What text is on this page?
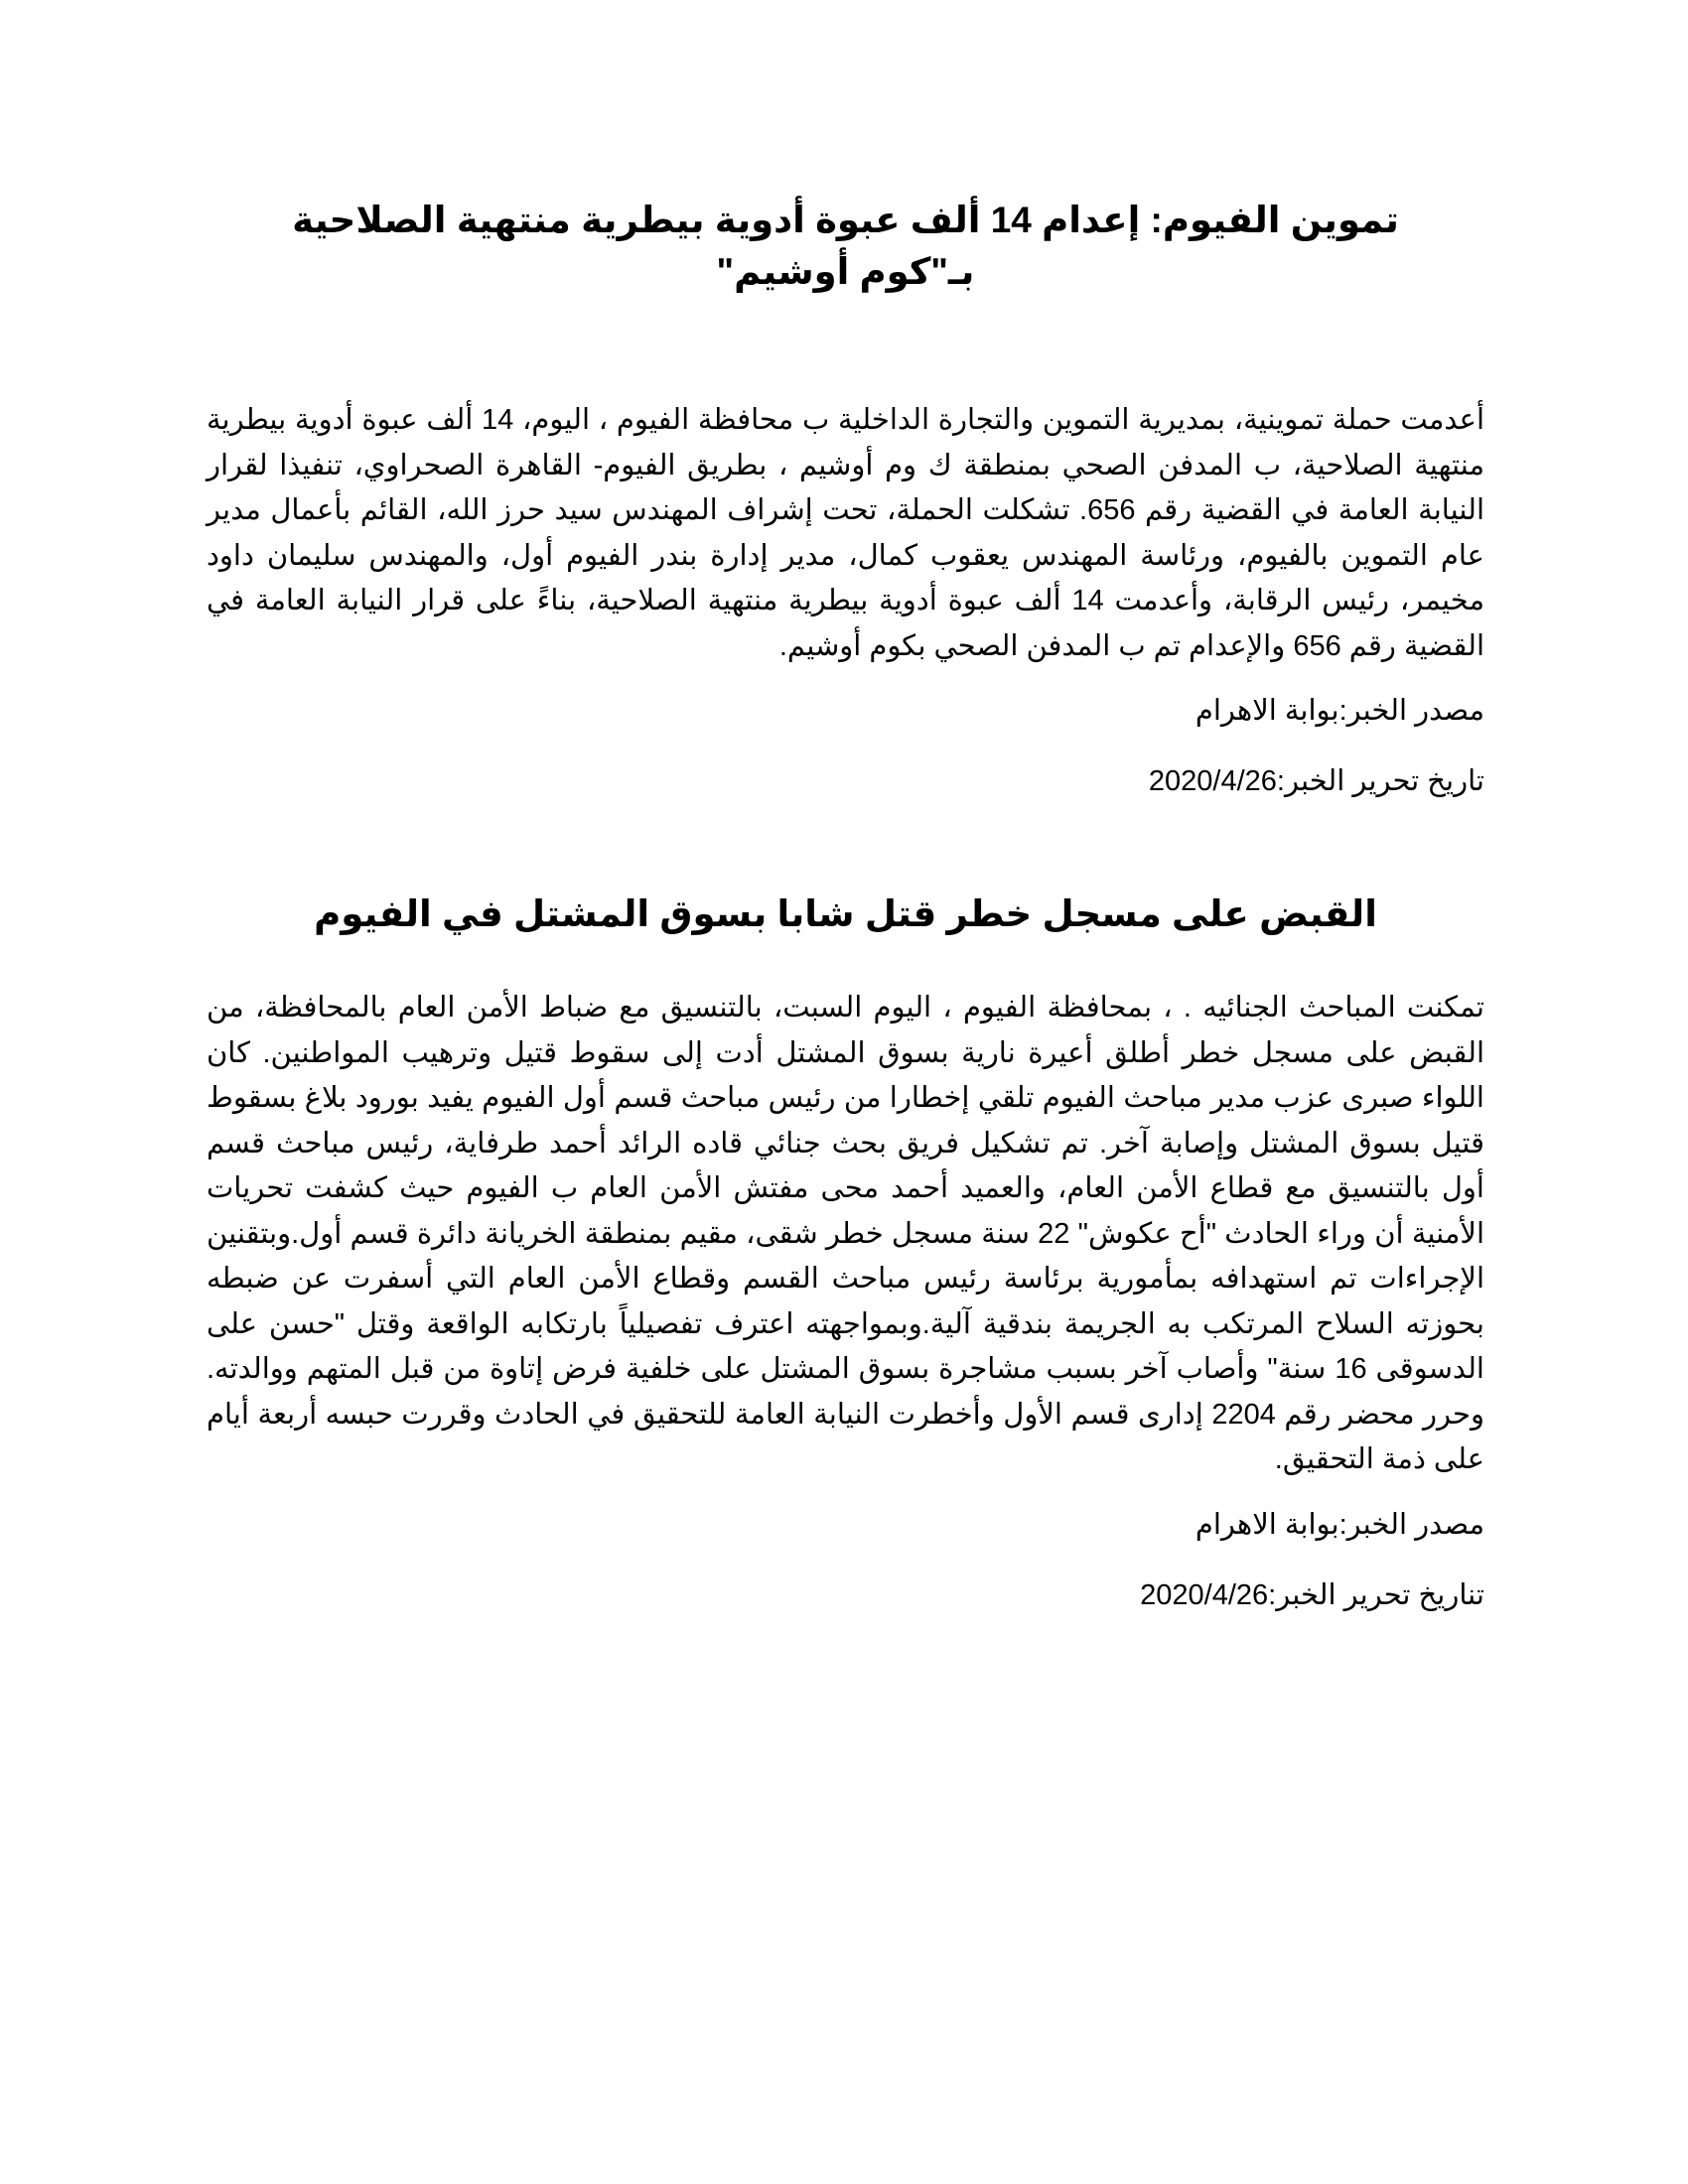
تموين الفيوم: إعدام 14 ألف عبوة أدوية بيطرية منتهية الصلاحية بـ"كوم أوشيم"

أعدمت حملة تموينية، بمديرية التموين والتجارة الداخلية ب محافظة الفيوم ، اليوم، 14 ألف عبوة أدوية بيطرية منتهية الصلاحية، ب المدفن الصحي بمنطقة ك وم أوشيم ، بطريق الفيوم- القاهرة الصحراوي، تنفيذا لقرار النيابة العامة في القضية رقم 656. تشكلت الحملة، تحت إشراف المهندس سيد حرز الله، القائم بأعمال مدير عام التموين بالفيوم، ورئاسة المهندس يعقوب كمال، مدير إدارة بندر الفيوم أول، والمهندس سليمان داود مخيمر، رئيس الرقابة، وأعدمت 14 ألف عبوة أدوية بيطرية منتهية الصلاحية، بناءً على قرار النيابة العامة في القضية رقم 656 والإعدام تم ب المدفن الصحي بكوم أوشيم.

مصدر الخبر:بوابة الاهرام

تاريخ تحرير الخبر:2020/4/26

القبض على مسجل خطر قتل شابا بسوق المشتل في الفيوم

تمكنت المباحث الجنائيه . ، بمحافظة الفيوم ، اليوم السبت، بالتنسيق مع ضباط الأمن العام بالمحافظة، من القبض على مسجل خطر أطلق أعيرة نارية بسوق المشتل أدت إلى سقوط قتيل وترهيب المواطنين. كان اللواء صبرى عزب مدير مباحث الفيوم تلقي إخطارا من رئيس مباحث قسم أول الفيوم يفيد بورود بلاغ بسقوط قتيل بسوق المشتل وإصابة آخر. تم تشكيل فريق بحث جنائي قاده الرائد أحمد طرفاية، رئيس مباحث قسم أول بالتنسيق مع قطاع الأمن العام، والعميد أحمد محى مفتش الأمن العام ب الفيوم حيث كشفت تحريات الأمنية أن وراء الحادث "أح عكوش" 22 سنة مسجل خطر شقى، مقيم بمنطقة الخريانة دائرة قسم أول.وبتقنين الإجراءات تم استهدافه بمأمورية برئاسة رئيس مباحث القسم وقطاع الأمن العام التي أسفرت عن ضبطه بحوزته السلاح المرتكب به الجريمة بندقية آلية.وبمواجهته اعترف تفصيلياً بارتكابه الواقعة وقتل "حسن على الدسوقى 16 سنة" وأصاب آخر بسبب مشاجرة بسوق المشتل على خلفية فرض إتاوة من قبل المتهم ووالدته. وحرر محضر رقم 2204 إدارى قسم الأول وأخطرت النيابة العامة للتحقيق في الحادث وقررت حبسه أربعة أيام على ذمة التحقيق.

مصدر الخبر:بوابة الاهرام

تناريخ تحرير الخبر:2020/4/26
